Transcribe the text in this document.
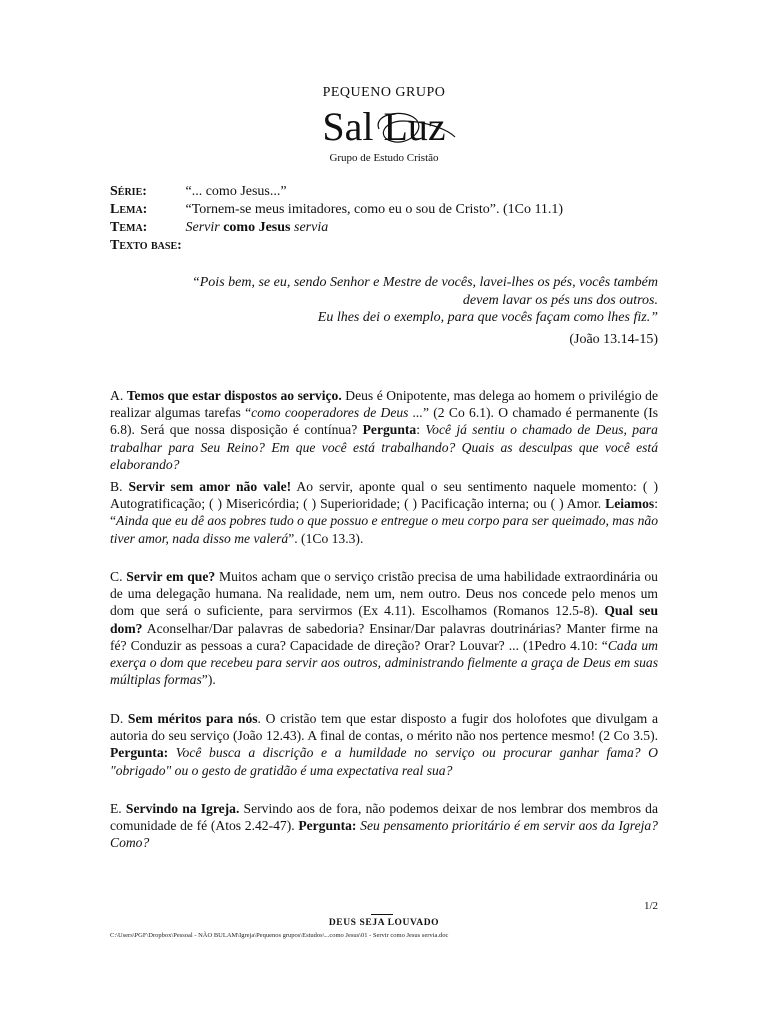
PEQUENO GRUPO
Sal Luz
Grupo de Estudo Cristão
Série:	“... como Jesus...”
Lema:	“Tornem-se meus imitadores, como eu o sou de Cristo”. (1Co 11.1)
Tema:	Servir como Jesus servia
Texto base:
“Pois bem, se eu, sendo Senhor e Mestre de vocês, lavei-lhes os pés, vocês também
devem lavar os pés uns dos outros.
Eu lhes dei o exemplo, para que vocês façam como lhes fiz.”
(João 13.14-15)
A. Temos que estar dispostos ao serviço. Deus é Onipotente, mas delega ao homem o privilégio de realizar algumas tarefas “como cooperadores de Deus ...” (2 Co 6.1). O chamado é permanente (Is 6.8). Será que nossa disposição é contínua? Pergunta: Você já sentiu o chamado de Deus, para trabalhar para Seu Reino? Em que você está trabalhando? Quais as desculpas que você está elaborando?
B. Servir sem amor não vale! Ao servir, aponte qual o seu sentimento naquele momento: ( ) Autogratificação; ( ) Misericórdia; ( ) Superioridade; ( ) Pacificação interna; ou ( ) Amor. Leiamos: “Ainda que eu dê aos pobres tudo o que possuo e entregue o meu corpo para ser queimado, mas não tiver amor, nada disso me valerá”. (1Co 13.3).
C. Servir em que? Muitos acham que o serviço cristão precisa de uma habilidade extraordinária ou de uma delegação humana. Na realidade, nem um, nem outro. Deus nos concede pelo menos um dom que será o suficiente, para servirmos (Ex 4.11). Escolhamos (Romanos 12.5-8). Qual seu dom? Aconselhar/Dar palavras de sabedoria? Ensinar/Dar palavras doutrinárias? Manter firme na fé? Conduzir as pessoas a cura? Capacidade de direção? Orar? Louvar? ... (1Pedro 4.10: “Cada um exerça o dom que recebeu para servir aos outros, administrando fielmente a graça de Deus em suas múltiplas formas”).
D. Sem méritos para nós. O cristão tem que estar disposto a fugir dos holofotes que divulgam a autoria do seu serviço (João 12.43). A final de contas, o mérito não nos pertence mesmo! (2 Co 3.5). Pergunta: Você busca a discrição e a humildade no serviço ou procurar ganhar fama? O "obrigado" ou o gesto de gratidão é uma expectativa real sua?
E. Servindo na Igreja. Servindo aos de fora, não podemos deixar de nos lembrar dos membros da comunidade de fé (Atos 2.42-47). Pergunta: Seu pensamento prioritário é em servir aos da Igreja? Como?
1/2
DEUS SEJA LOUVADO
C:\Users\PGF\Dropbox\Pessoal - NÃO BULAM\Igreja\Pequenos grupos\Estudos\...como Jesus\01 - Servir como Jesus servia.doc
